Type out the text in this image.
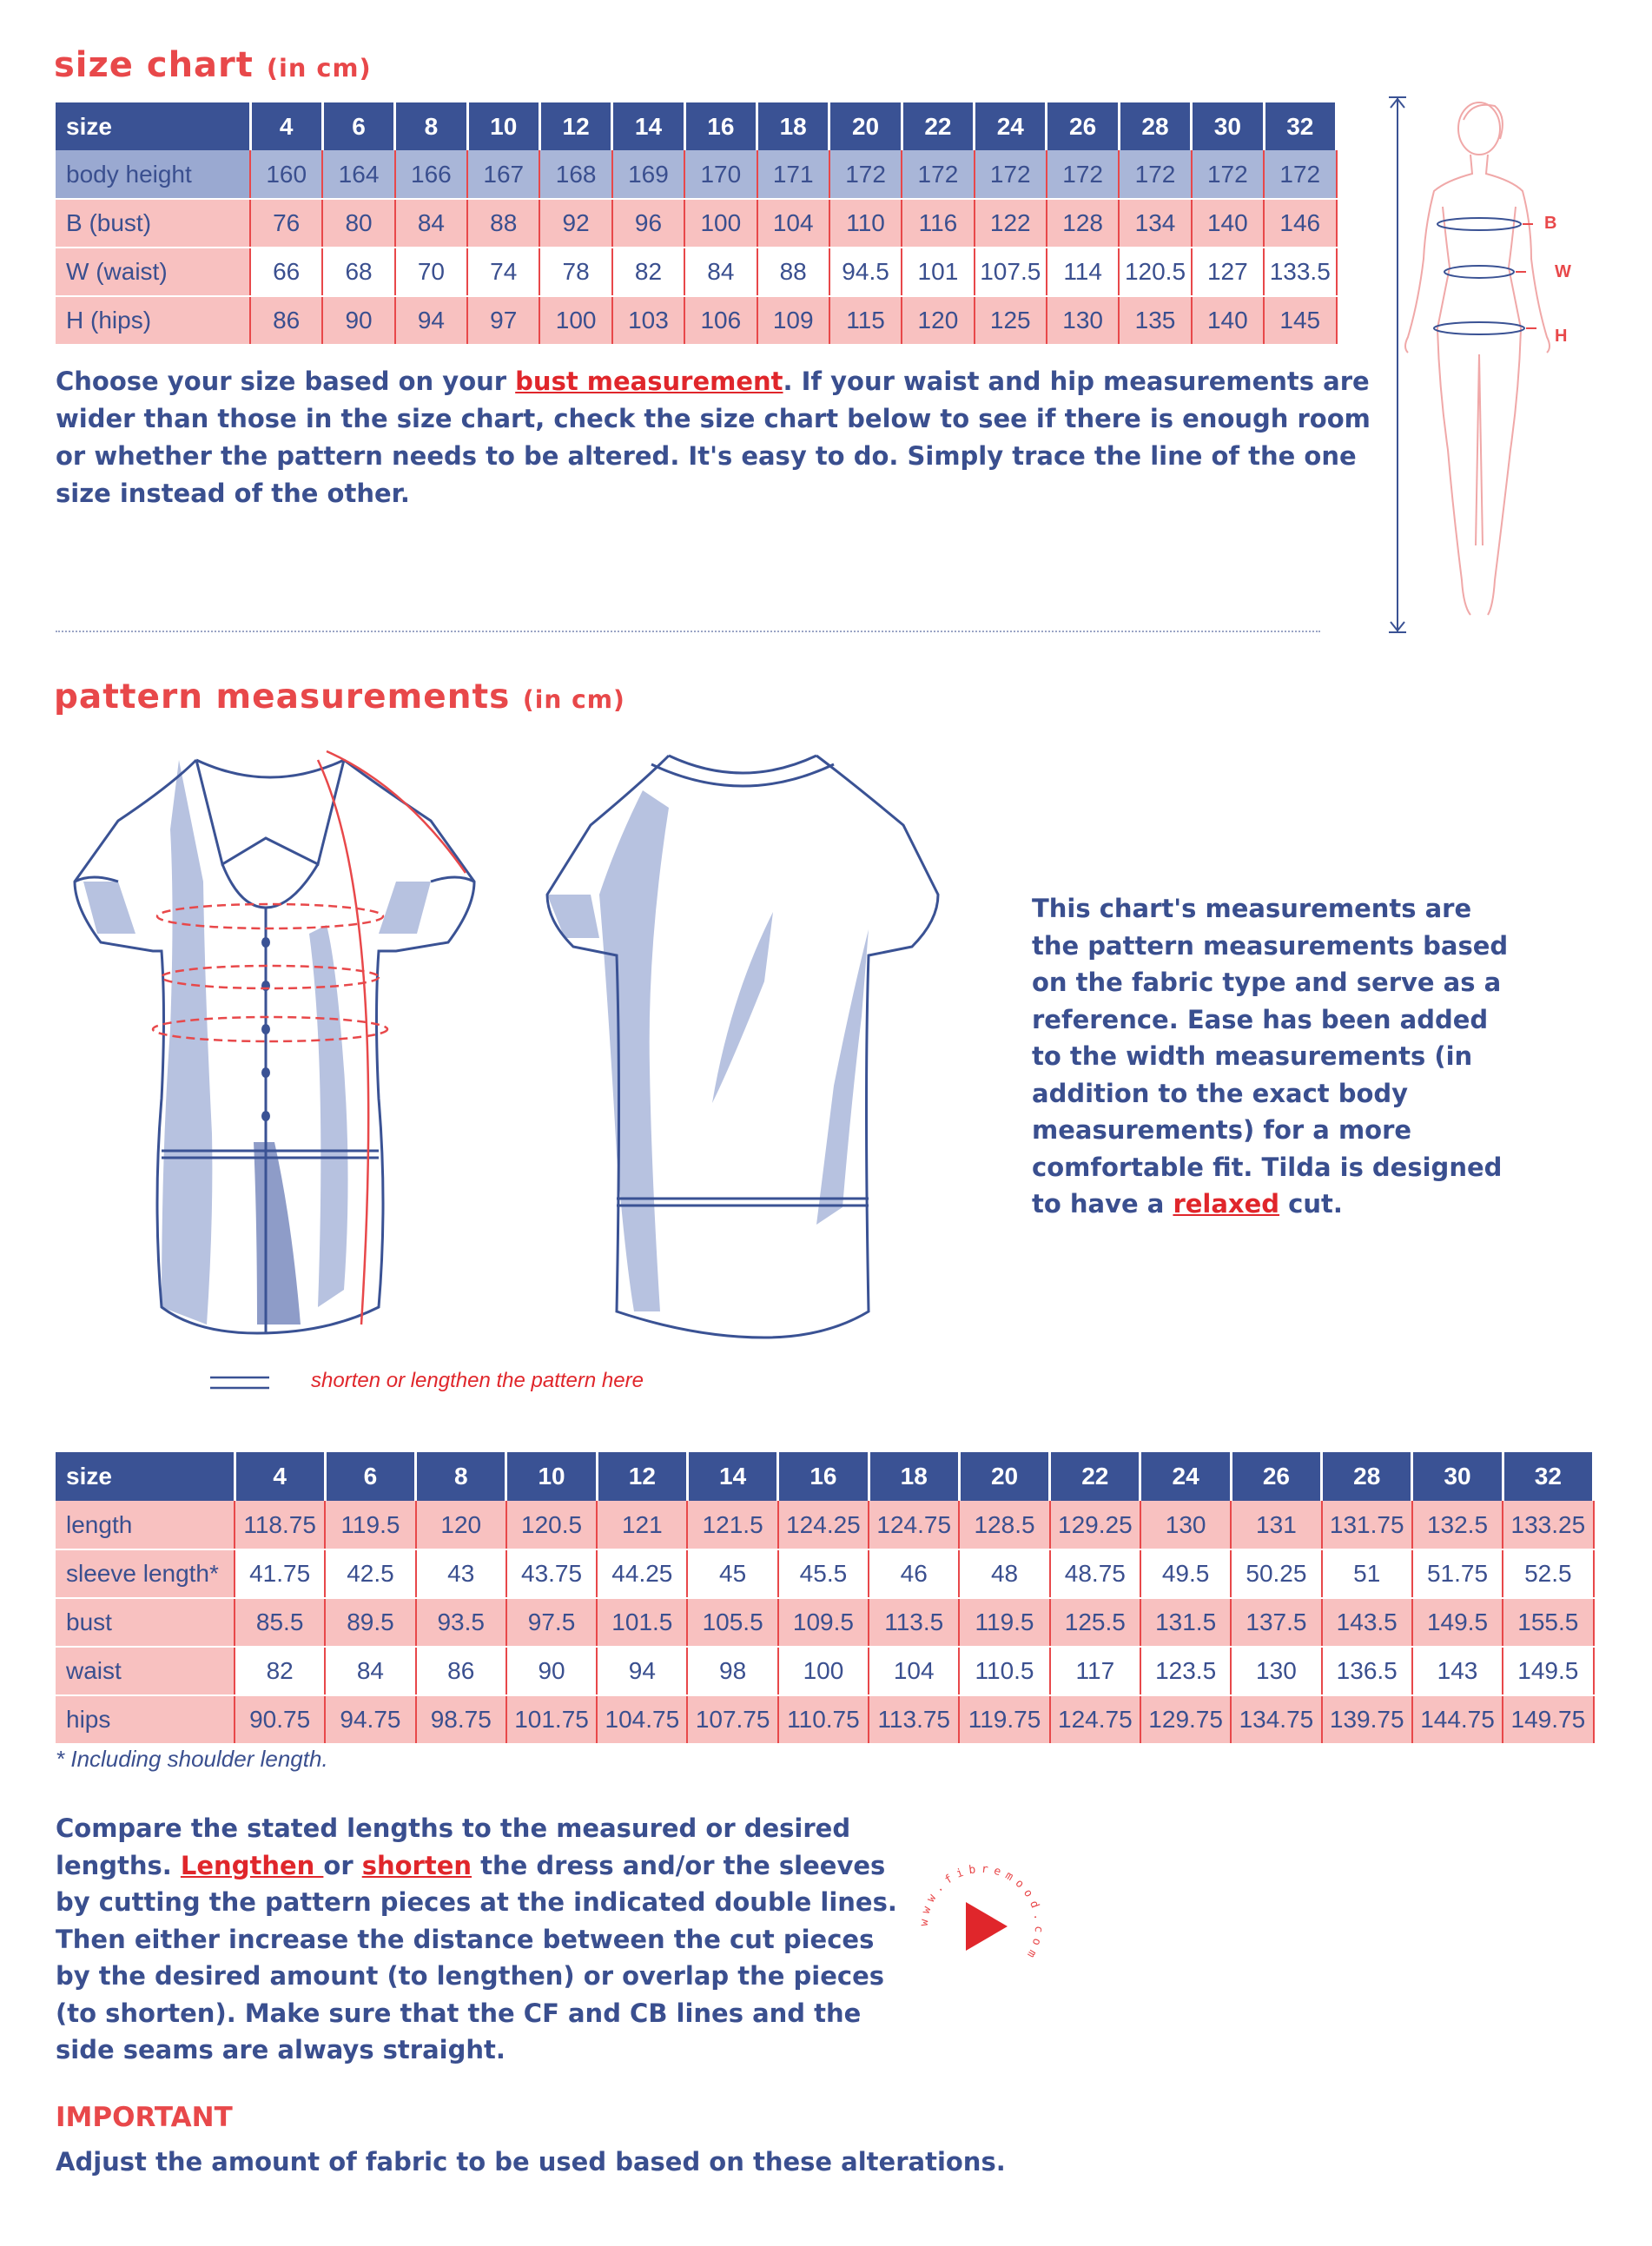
size chart (in cm)
size	4	6	8	10	12	14	16	18	20	22	24	26	28	30	32
body height	160	164	166	167	168	169	170	171	172	172	172	172	172	172	172
B (bust)	76	80	84	88	92	96	100	104	110	116	122	128	134	140	146
W (waist)	66	68	70	74	78	82	84	88	94.5	101	107.5	114	120.5	127	133.5
H (hips)	86	90	94	97	100	103	106	109	115	120	125	130	135	140	145

Choose your size based on your bust measurement. If your waist and hip measurements are wider than those in the size chart, check the size chart below to see if there is enough room or whether the pattern needs to be altered. It's easy to do. Simply trace the line of the one size instead of the other.

B
W
H
pattern measurements (in cm)
shorten or lengthen the pattern here

This chart's measurements are the pattern measurements based on the fabric type and serve as a reference. Ease has been added to the width measurements (in addition to the exact body measurements) for a more comfortable fit. Tilda is designed to have a relaxed cut.

size	4	6	8	10	12	14	16	18	20	22	24	26	28	30	32
length	118.75	119.5	120	120.5	121	121.5	124.25	124.75	128.5	129.25	130	131	131.75	132.5	133.25
sleeve length*	41.75	42.5	43	43.75	44.25	45	45.5	46	48	48.75	49.5	50.25	51	51.75	52.5
bust	85.5	89.5	93.5	97.5	101.5	105.5	109.5	113.5	119.5	125.5	131.5	137.5	143.5	149.5	155.5
waist	82	84	86	90	94	98	100	104	110.5	117	123.5	130	136.5	143	149.5
hips	90.75	94.75	98.75	101.75	104.75	107.75	110.75	113.75	119.75	124.75	129.75	134.75	139.75	144.75	149.75
* Including shoulder length.

Compare the stated lengths to the measured or desired lengths. Lengthen or shorten the dress and/or the sleeves by cutting the pattern pieces at the indicated double lines. Then either increase the distance between the cut pieces by the desired amount (to lengthen) or overlap the pieces (to shorten). Make sure that the CF and CB lines and the side seams are always straight.

www.fibremood.com
IMPORTANT

Adjust the amount of fabric to be used based on these alterations.
